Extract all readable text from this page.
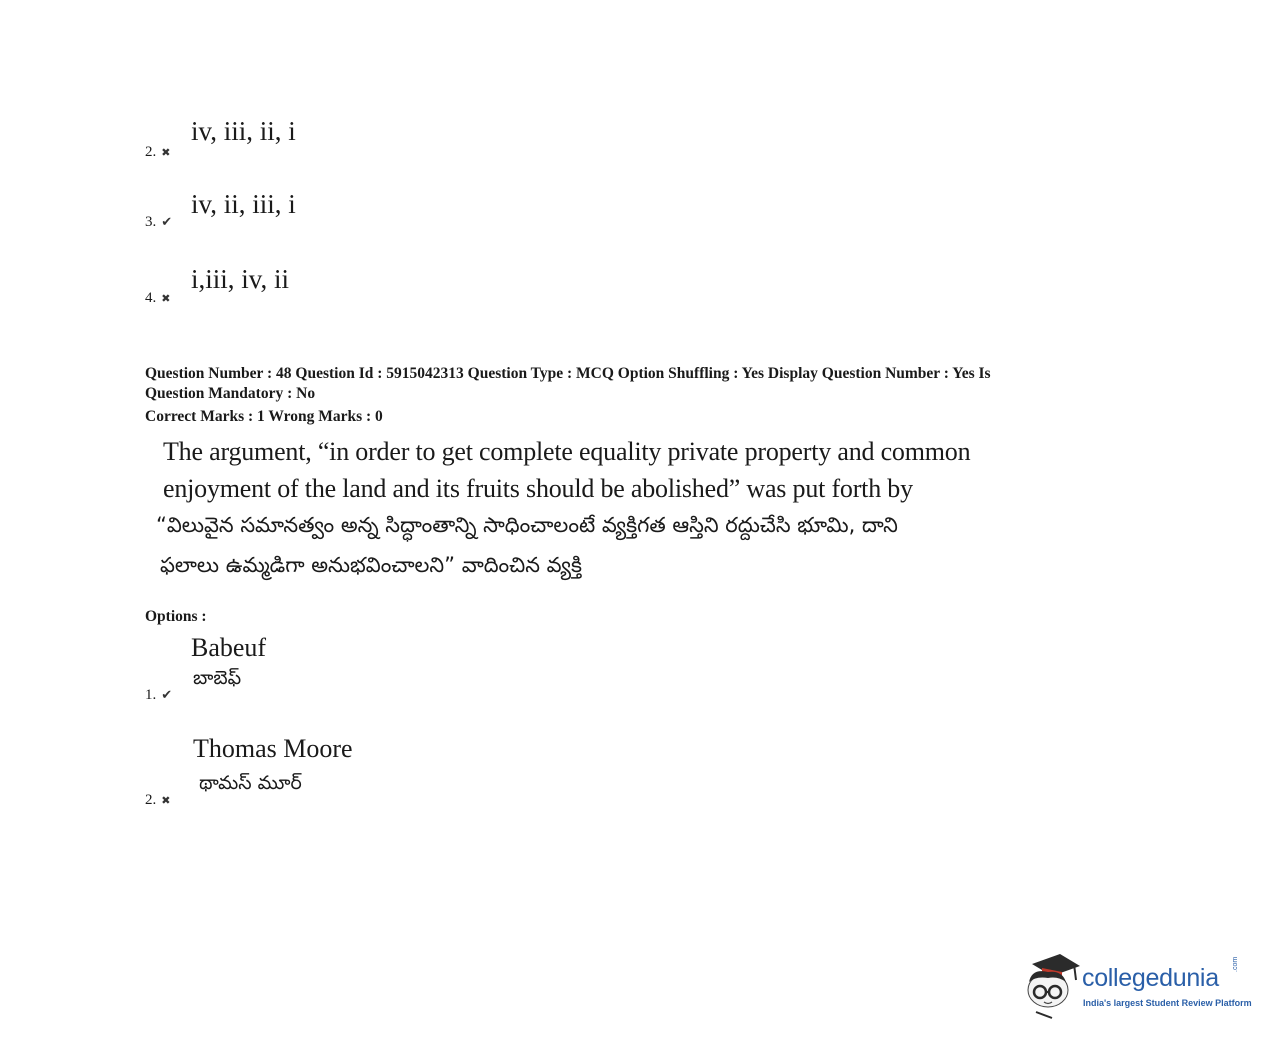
iv, iii, ii, i
2. ✖
iv, ii, iii, i
3. ✔
i,iii, iv, ii
4. ✖
Question Number : 48 Question Id : 5915042313 Question Type : MCQ Option Shuffling : Yes Display Question Number : Yes Is
Question Mandatory : No
Correct Marks : 1 Wrong Marks : 0
The argument, “in order to get complete equality private property and common
enjoyment of the land and its fruits should be abolished” was put forth by
“విలువైన సమానత్వం అన్న సిద్ధాంతాన్ని సాధించాలంటే వ్యక్తిగత ఆస్తిని రద్దుచేసి భూమి, దాని
ఫలాలు ఉమ్మడిగా అనుభవించాలని” వాదించిన వ్యక్తి
Options :
Babeuf
బాబెఫ్
1. ✔
Thomas Moore
థామస్ మూర్
2. ✖
collegedunia .com
India's largest Student Review Platform
